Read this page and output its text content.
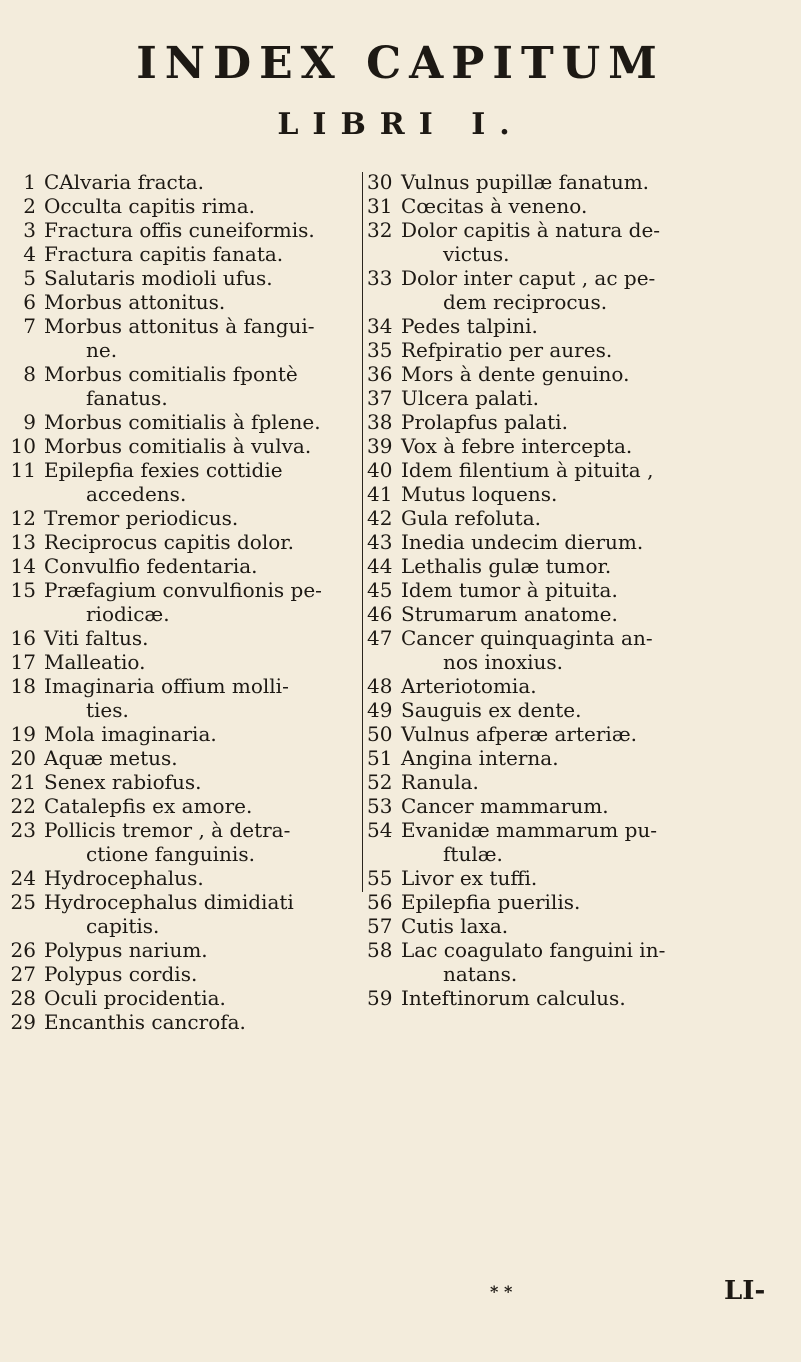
INDEX CAPITUM
LIBRI I.
1 CAlvaria fracta.
2 Occulta capitis rima.
3 Fractura offis cuneiformis.
4 Fractura capitis fanata.
5 Salutaris modioli ufus.
6 Morbus attonitus.
7 Morbus attonitus à fangui-
ne.
8 Morbus comitialis fpontè
fanatus.
9 Morbus comitialis à fplene.
10 Morbus comitialis à vulva.
11 Epilepfia fexies cottidie
accedens.
12 Tremor periodicus.
13 Reciprocus capitis dolor.
14 Convulfio fedentaria.
15 Præfagium convulfionis pe-
riodicæ.
16 Viti faltus.
17 Malleatio.
18 Imaginaria offium molli-
ties.
19 Mola imaginaria.
20 Aquæ metus.
21 Senex rabiofus.
22 Catalepfis ex amore.
23 Pollicis tremor , à detra-
ctione fanguinis.
24 Hydrocephalus.
25 Hydrocephalus dimidiati
capitis.
26 Polypus narium.
27 Polypus cordis.
28 Oculi procidentia.
29 Encanthis cancrofa.
30 Vulnus pupillæ fanatum.
31 Cœcitas à veneno.
32 Dolor capitis à natura de-
victus.
33 Dolor inter caput , ac pe-
dem reciprocus.
34 Pedes talpini.
35 Refpiratio per aures.
36 Mors à dente genuino.
37 Ulcera palati.
38 Prolapfus palati.
39 Vox à febre intercepta.
40 Idem filentium à pituita ,
41 Mutus loquens.
42 Gula refoluta.
43 Inedia undecim dierum.
44 Lethalis gulæ tumor.
45 Idem tumor à pituita.
46 Strumarum anatome.
47 Cancer quinquaginta an-
nos inoxius.
48 Arteriotomia.
49 Sauguis ex dente.
50 Vulnus afperæ arteriæ.
51 Angina interna.
52 Ranula.
53 Cancer mammarum.
54 Evanidæ mammarum pu-
ftulæ.
55 Livor ex tuffi.
56 Epilepfia puerilis.
57 Cutis laxa.
58 Lac coagulato fanguini in-
natans.
59 Inteftinorum calculus.
* *	LI-
